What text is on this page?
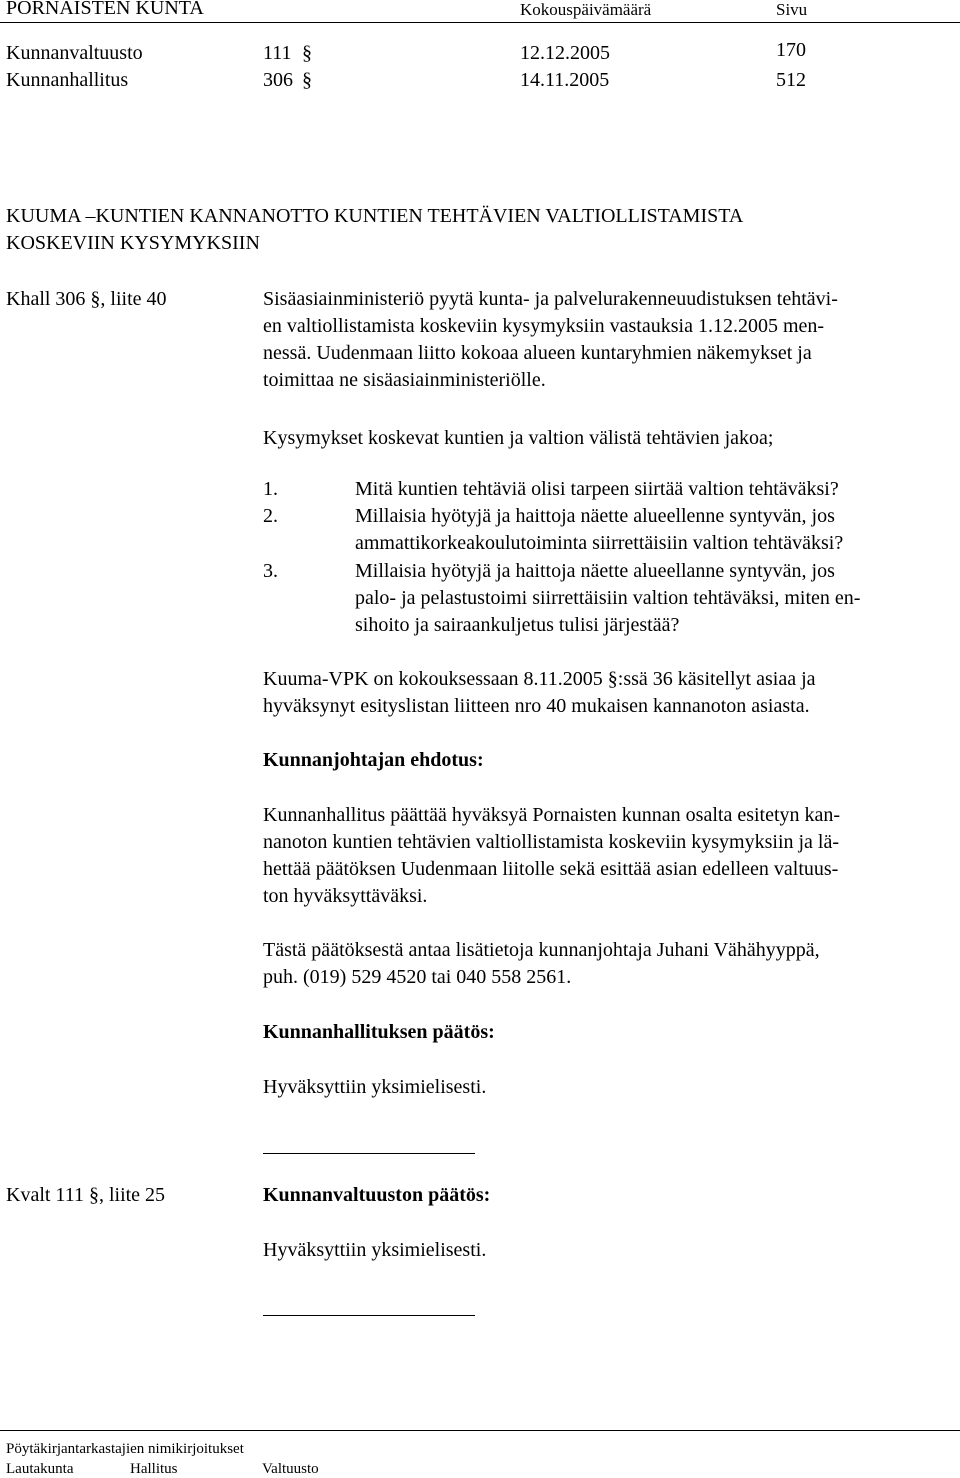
PORNAISTEN KUNTA	Kokouspäivämäärä	Sivu
Kunnanvaltuusto	111 §	12.12.2005	170
Kunnanhallitus	306 §	14.11.2005	512
KUUMA –KUNTIEN KANNANOTTO KUNTIEN TEHTÄVIEN VALTIOLLISTAMISTA
KOSKEVIIN KYSYMYKSIIN
Khall 306 §, liite 40	Sisäasiainministeriö pyytä kunta- ja palvelurakenneuudistuksen tehtävi-
en valtiollistamista koskeviin kysymyksiin vastauksia 1.12.2005 men-
nessä. Uudenmaan liitto kokoaa alueen kuntaryhmien näkemykset ja
toimittaa ne sisäasiainministeriölle.
Kysymykset koskevat kuntien ja valtion välistä tehtävien jakoa;
1.	Mitä kuntien tehtäviä olisi tarpeen siirtää valtion tehtäväksi?
2.	Millaisia hyötyjä ja haittoja näette alueellenne syntyvän, jos
ammattikorkeakoulutoiminta siirrettäisiin valtion tehtäväksi?
3.	Millaisia hyötyjä ja haittoja näette alueellanne syntyvän, jos
palo- ja pelastustoimi siirrettäisiin valtion tehtäväksi, miten en-
sihoito ja sairaankuljetus tulisi järjestää?
Kuuma-VPK on kokouksessaan 8.11.2005 §:ssä 36 käsitellyt asiaa ja
hyväksynyt esityslistan liitteen nro 40 mukaisen kannanoton asiasta.
Kunnanjohtajan ehdotus:
Kunnanhallitus päättää hyväksyä Pornaisten kunnan osalta esitetyn kan-
nanoton kuntien tehtävien valtiollistamista koskeviin kysymyksiin ja lä-
hettää päätöksen Uudenmaan liitolle sekä esittää asian edelleen valtuus-
ton hyväksyttäväksi.
Tästä päätöksestä antaa lisätietoja kunnanjohtaja Juhani Vähähyyppä,
puh. (019) 529 4520 tai 040 558 2561.
Kunnanhallituksen päätös:
Hyväksyttiin yksimielisesti.
Kvalt 111 §, liite 25	Kunnanvaltuuston päätös:
Hyväksyttiin yksimielisesti.
Pöytäkirjantarkastajien nimikirjoitukset
Lautakunta	Hallitus	Valtuusto
